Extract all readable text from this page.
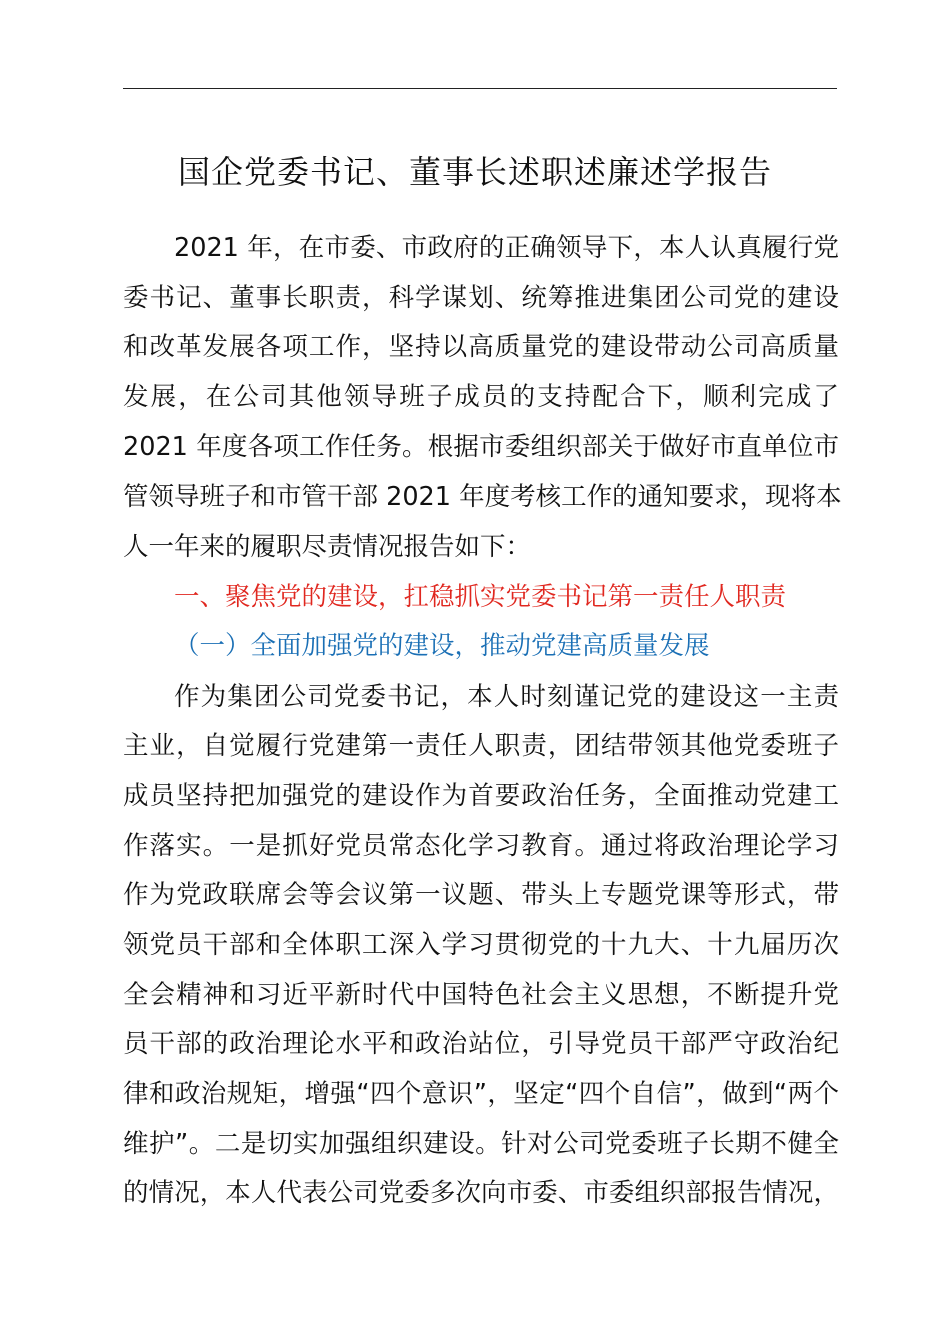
国企党委书记、董事长述职述廉述学报告
2021 年，在市委、市政府的正确领导下，本人认真履行党
委书记、董事长职责，科学谋划、统筹推进集团公司党的建设
和改革发展各项工作，坚持以高质量党的建设带动公司高质量
发展，在公司其他领导班子成员的支持配合下，顺利完成了
2021 年度各项工作任务。根据市委组织部关于做好市直单位市
管领导班子和市管干部 2021 年度考核工作的通知要求，现将本
人一年来的履职尽责情况报告如下：
一、聚焦党的建设，扛稳抓实党委书记第一责任人职责
（一）全面加强党的建设，推动党建高质量发展
作为集团公司党委书记，本人时刻谨记党的建设这一主责
主业，自觉履行党建第一责任人职责，团结带领其他党委班子
成员坚持把加强党的建设作为首要政治任务，全面推动党建工
作落实。一是抓好党员常态化学习教育。通过将政治理论学习
作为党政联席会等会议第一议题、带头上专题党课等形式，带
领党员干部和全体职工深入学习贯彻党的十九大、十九届历次
全会精神和习近平新时代中国特色社会主义思想，不断提升党
员干部的政治理论水平和政治站位，引导党员干部严守政治纪
律和政治规矩，增强“四个意识”，坚定“四个自信”，做到“两个
维护”。二是切实加强组织建设。针对公司党委班子长期不健全
的情况，本人代表公司党委多次向市委、市委组织部报告情况，
